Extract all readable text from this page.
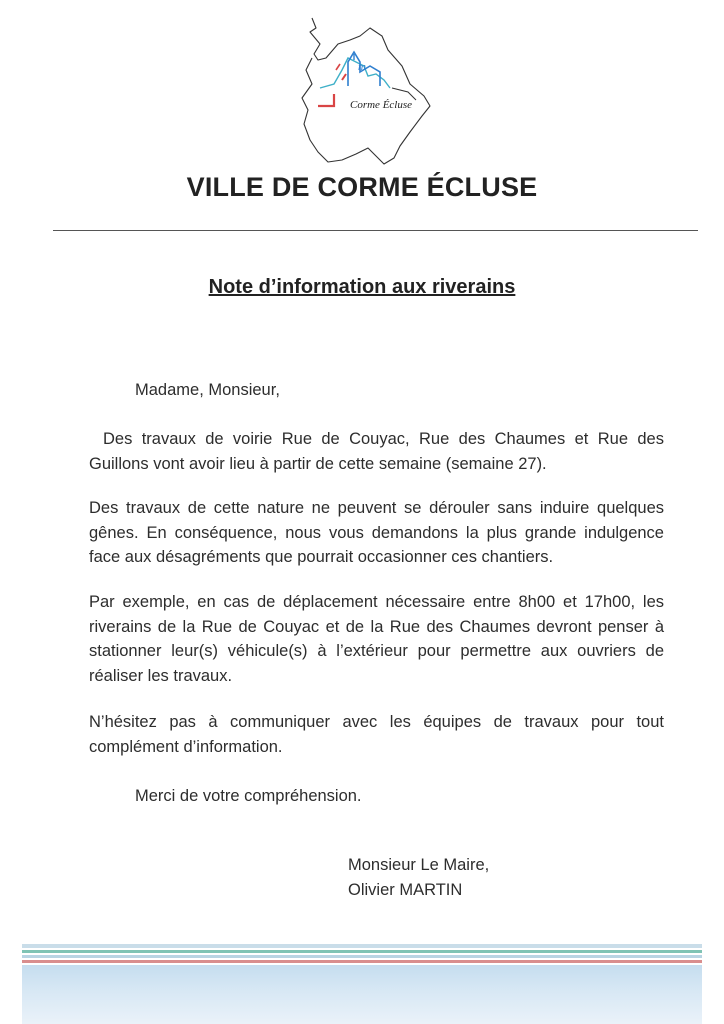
m
Corme Écluse
VILLE DE CORME ÉCLUSE
Note d’information aux riverains
Madame, Monsieur,
Des travaux de voirie Rue de Couyac, Rue des Chaumes et Rue des Guillons vont avoir lieu à partir de cette semaine (semaine 27).
Des travaux de cette nature ne peuvent se dérouler sans induire quelques gênes. En conséquence, nous vous demandons la plus grande indulgence face aux désagréments que pourrait occasionner ces chantiers.
Par exemple, en cas de déplacement nécessaire entre 8h00 et 17h00, les riverains de la Rue de Couyac et de la Rue des Chaumes devront penser à stationner leur(s) véhicule(s) à l’extérieur pour permettre aux ouvriers de réaliser les travaux.
N’hésitez pas à communiquer avec les équipes de travaux pour tout complément d’information.
Merci de votre compréhension.
Monsieur Le Maire,
Olivier MARTIN
